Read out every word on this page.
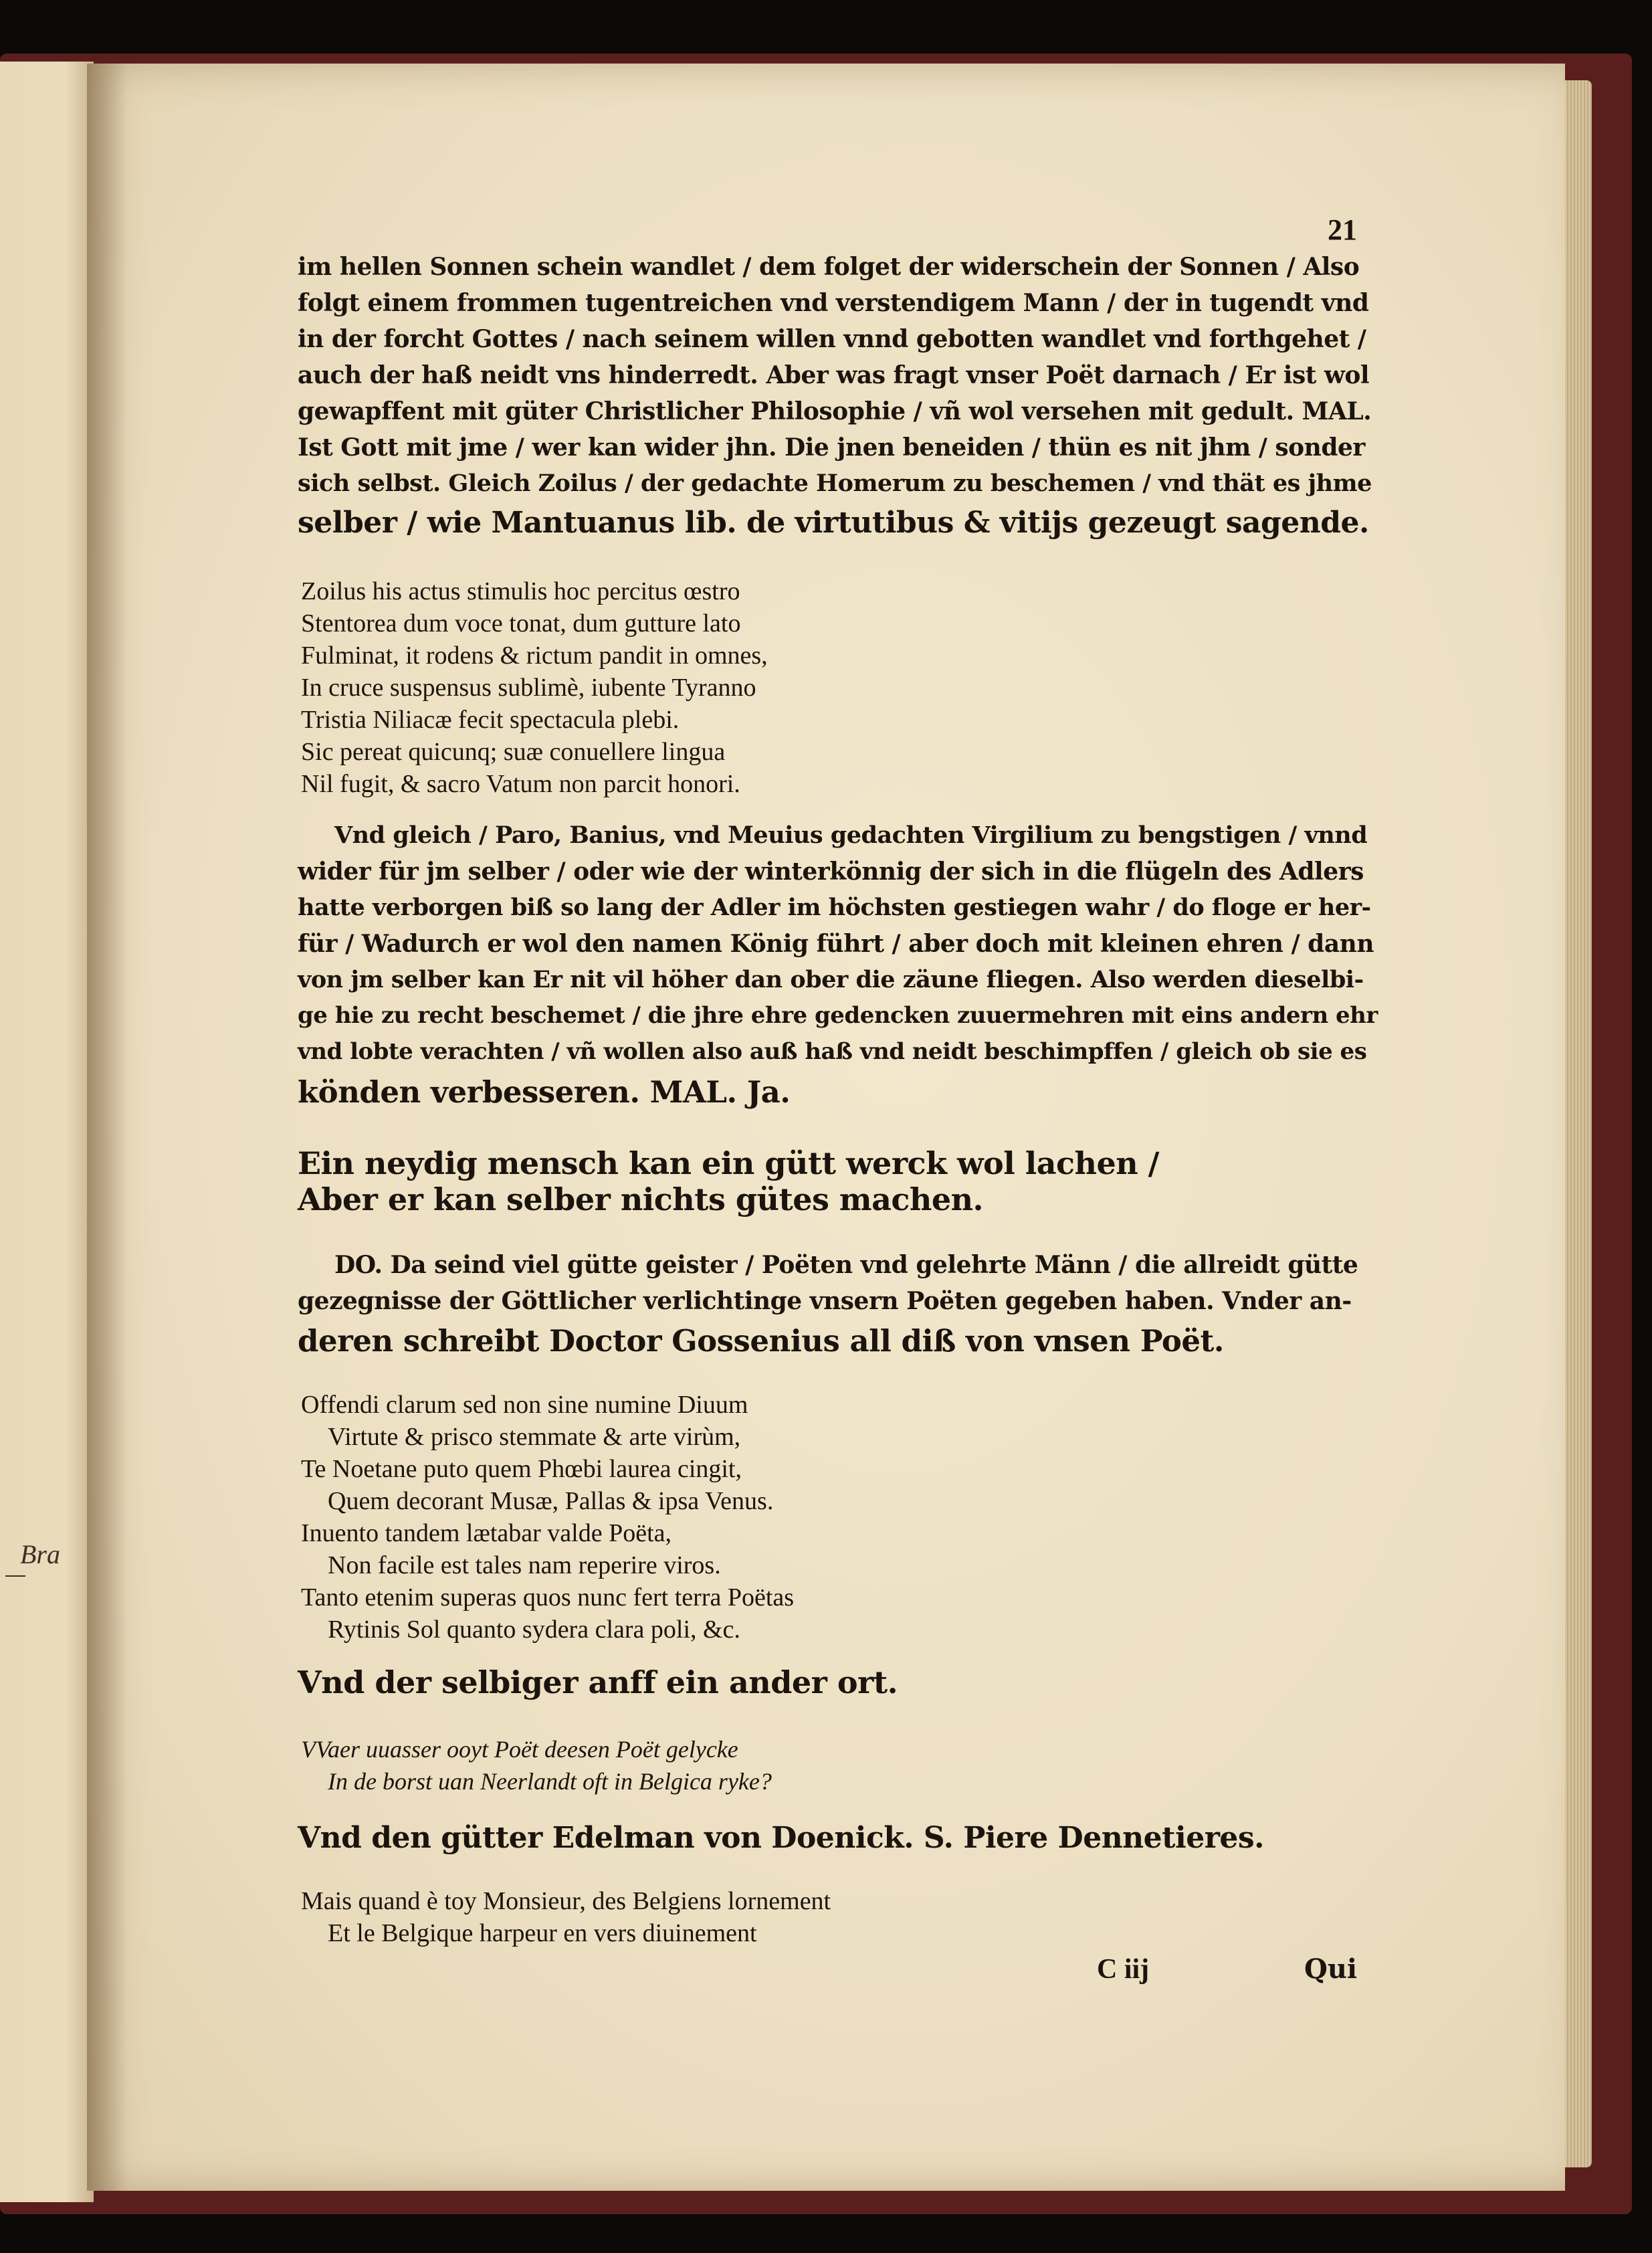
Bra
21
im hellen Sonnen schein wandlet / dem folget der widerschein der Sonnen / Also
folgt einem frommen tugentreichen vnd verstendigem Mann / der in tugendt vnd
in der forcht Gottes / nach seinem willen vnnd gebotten wandlet vnd forthgehet /
auch der haß neidt vns hinderredt. Aber was fragt vnser Poët darnach / Er ist wol
gewapffent mit güter Christlicher Philosophie / vñ wol versehen mit gedult. MAL.
Ist Gott mit jme / wer kan wider jhn. Die jnen beneiden / thün es nit jhm / sonder
sich selbst. Gleich Zoilus / der gedachte Homerum zu beschemen / vnd thät es jhme
selber / wie Mantuanus lib. de virtutibus & vitijs gezeugt sagende.
Zoilus his actus stimulis hoc percitus œstro
Stentorea dum voce tonat, dum gutture lato
Fulminat, it rodens & rictum pandit in omnes,
In cruce suspensus sublimè, iubente Tyranno
Tristia Niliacæ fecit spectacula plebi.
Sic pereat quicunq; suæ conuellere lingua
Nil fugit, & sacro Vatum non parcit honori.
Vnd gleich / Paro, Banius, vnd Meuius gedachten Virgilium zu bengstigen / vnnd
wider für jm selber / oder wie der winterkönnig der sich in die flügeln des Adlers
hatte verborgen biß so lang der Adler im höchsten gestiegen wahr / do floge er her-
für / Wadurch er wol den namen König führt / aber doch mit kleinen ehren / dann
von jm selber kan Er nit vil höher dan ober die zäune fliegen. Also werden dieselbi-
ge hie zu recht beschemet / die jhre ehre gedencken zuuermehren mit eins andern ehr
vnd lobte verachten / vñ wollen also auß haß vnd neidt beschimpffen / gleich ob sie es
könden verbesseren. MAL. Ja.
Ein neydig mensch kan ein gütt werck wol lachen /
Aber er kan selber nichts gütes machen.
DO. Da seind viel gütte geister / Poëten vnd gelehrte Männ / die allreidt gütte
gezegnisse der Göttlicher verlichtinge vnsern Poëten gegeben haben. Vnder an-
deren schreibt Doctor Gossenius all diß von vnsen Poët.
Offendi clarum sed non sine numine Diuum
Virtute & prisco stemmate & arte virùm,
Te Noetane puto quem Phœbi laurea cingit,
Quem decorant Musæ, Pallas & ipsa Venus.
Inuento tandem lætabar valde Poëta,
Non facile est tales nam reperire viros.
Tanto etenim superas quos nunc fert terra Poëtas
Rytinis Sol quanto sydera clara poli, &c.
Vnd der selbiger anff ein ander ort.
VVaer uuasser ooyt Poët deesen Poët gelycke
In de borst uan Neerlandt oft in Belgica ryke?
Vnd den gütter Edelman von Doenick. S. Piere Dennetieres.
Mais quand è toy Monsieur, des Belgiens lornement
Et le Belgique harpeur en vers diuinement
C iij	Qui
